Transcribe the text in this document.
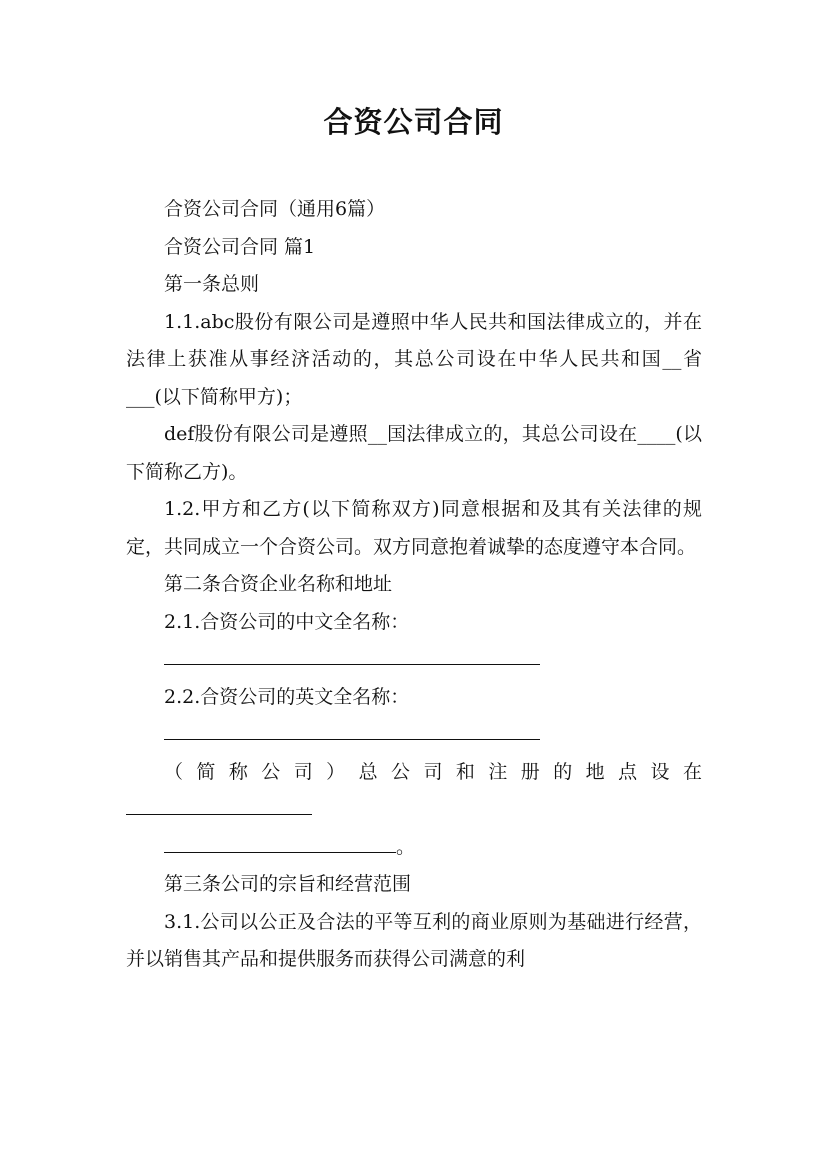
合资公司合同

合资公司合同（通用6篇）

合资公司合同 篇1

第一条总则

1.1.abc股份有限公司是遵照中华人民共和国法律成立的，并在法律上获准从事经济活动的，其总公司设在中华人民共和国__省___(以下简称甲方)；

def股份有限公司是遵照__国法律成立的，其总公司设在____(以下简称乙方)。

1.2.甲方和乙方(以下简称双方)同意根据和及其有关法律的规定，共同成立一个合资公司。双方同意抱着诚挚的态度遵守本合同。

第二条合资企业名称和地址

2.1.合资公司的中文全名称：

2.2.合资公司的英文全名称：

（简称公司）总公司和注册的地点设在

。

第三条公司的宗旨和经营范围

3.1.公司以公正及合法的平等互利的商业原则为基础进行经营，并以销售其产品和提供服务而获得公司满意的利
